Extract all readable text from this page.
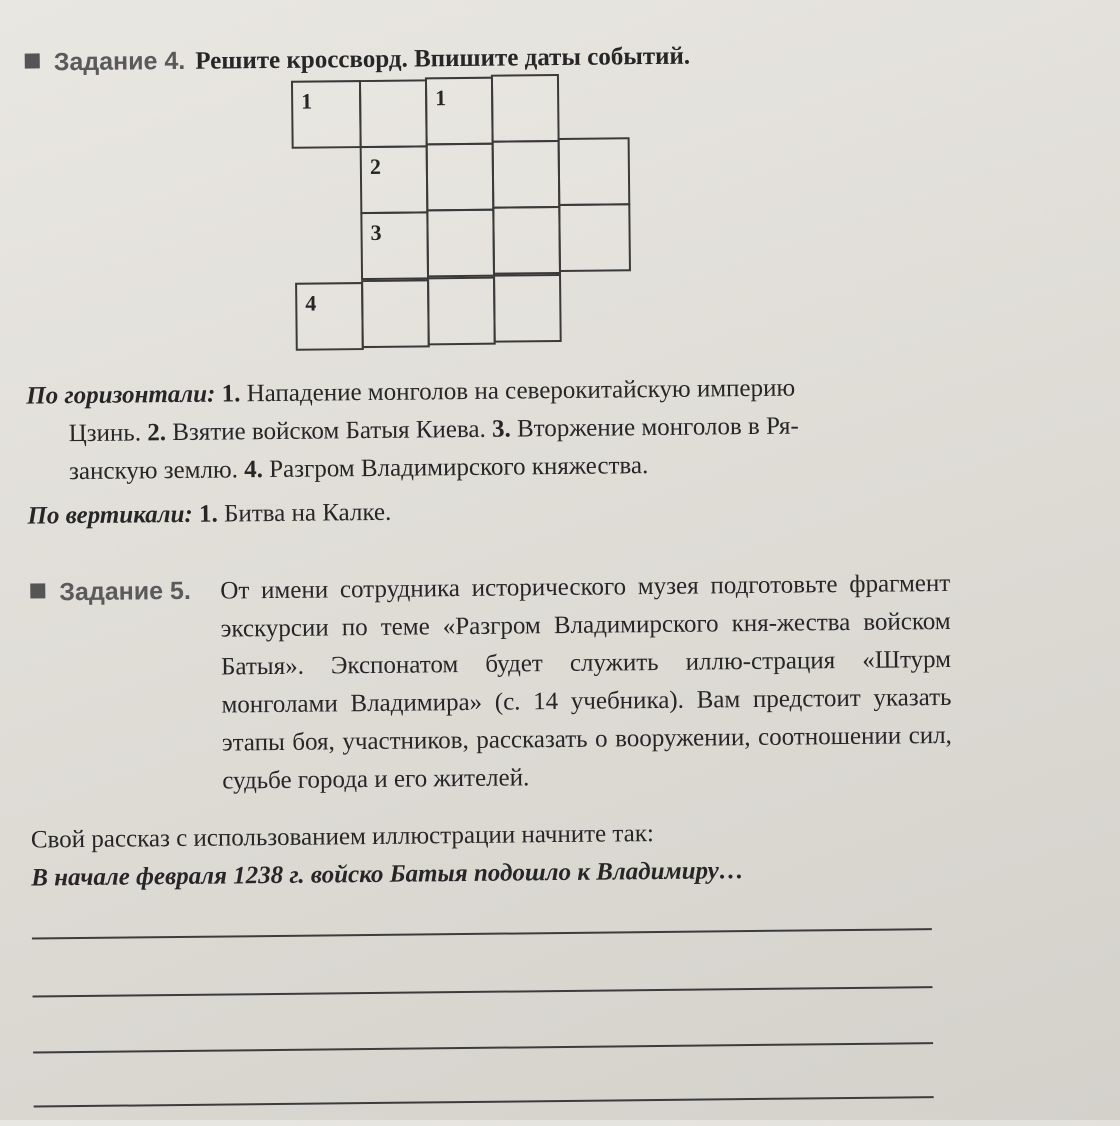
Задание 4. Решите кроссворд. Впишите даты событий.
1	1
2
3
4

По горизонтали: 1. Нападение монголов на северокитайскую империю
Цзинь. 2. Взятие войском Батыя Киева. 3. Вторжение монголов в Ря-
занскую землю. 4. Разгром Владимирского княжества.

По вертикали: 1. Битва на Калке.

Задание 5. От имени сотрудника исторического музея подготовьте фрагмент экскурсии по теме «Разгром Владимирского кня-жества войском Батыя». Экспонатом будет служить иллю-страция «Штурм монголами Владимира» (с. 14 учебника). Вам предстоит указать этапы боя, участников, рассказать о вооружении, соотношении сил, судьбе города и его жителей.
Свой рассказ с использованием иллюстрации начните так:
В начале февраля 1238 г. войско Батыя подошло к Владимиру…
